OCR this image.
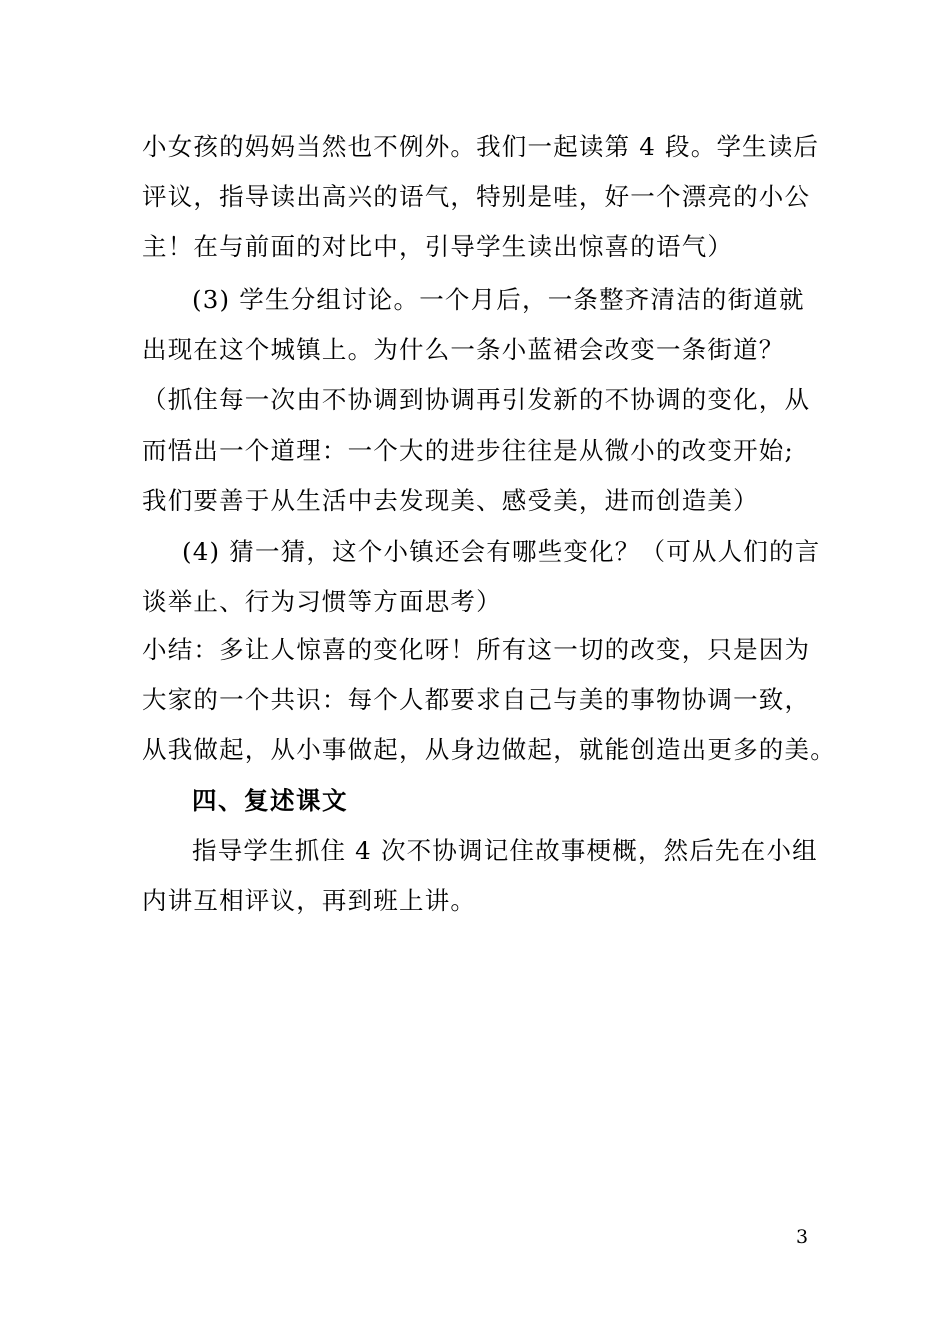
小女孩的妈妈当然也不例外。我们一起读第 4 段。学生读后
评议，指导读出高兴的语气，特别是哇，好一个漂亮的小公
主！在与前面的对比中，引导学生读出惊喜的语气）
(3) 学生分组讨论。一个月后，一条整齐清洁的街道就
出现在这个城镇上。为什么一条小蓝裙会改变一条街道？
（抓住每一次由不协调到协调再引发新的不协调的变化，从
而悟出一个道理：一个大的进步往往是从微小的改变开始;
我们要善于从生活中去发现美、感受美，进而创造美）
(4) 猜一猜，这个小镇还会有哪些变化？（可从人们的言
谈举止、行为习惯等方面思考）
小结：多让人惊喜的变化呀！所有这一切的改变，只是因为
大家的一个共识：每个人都要求自己与美的事物协调一致，
从我做起，从小事做起，从身边做起，就能创造出更多的美。
四、复述课文
指导学生抓住 4 次不协调记住故事梗概，然后先在小组
内讲互相评议，再到班上讲。
3
